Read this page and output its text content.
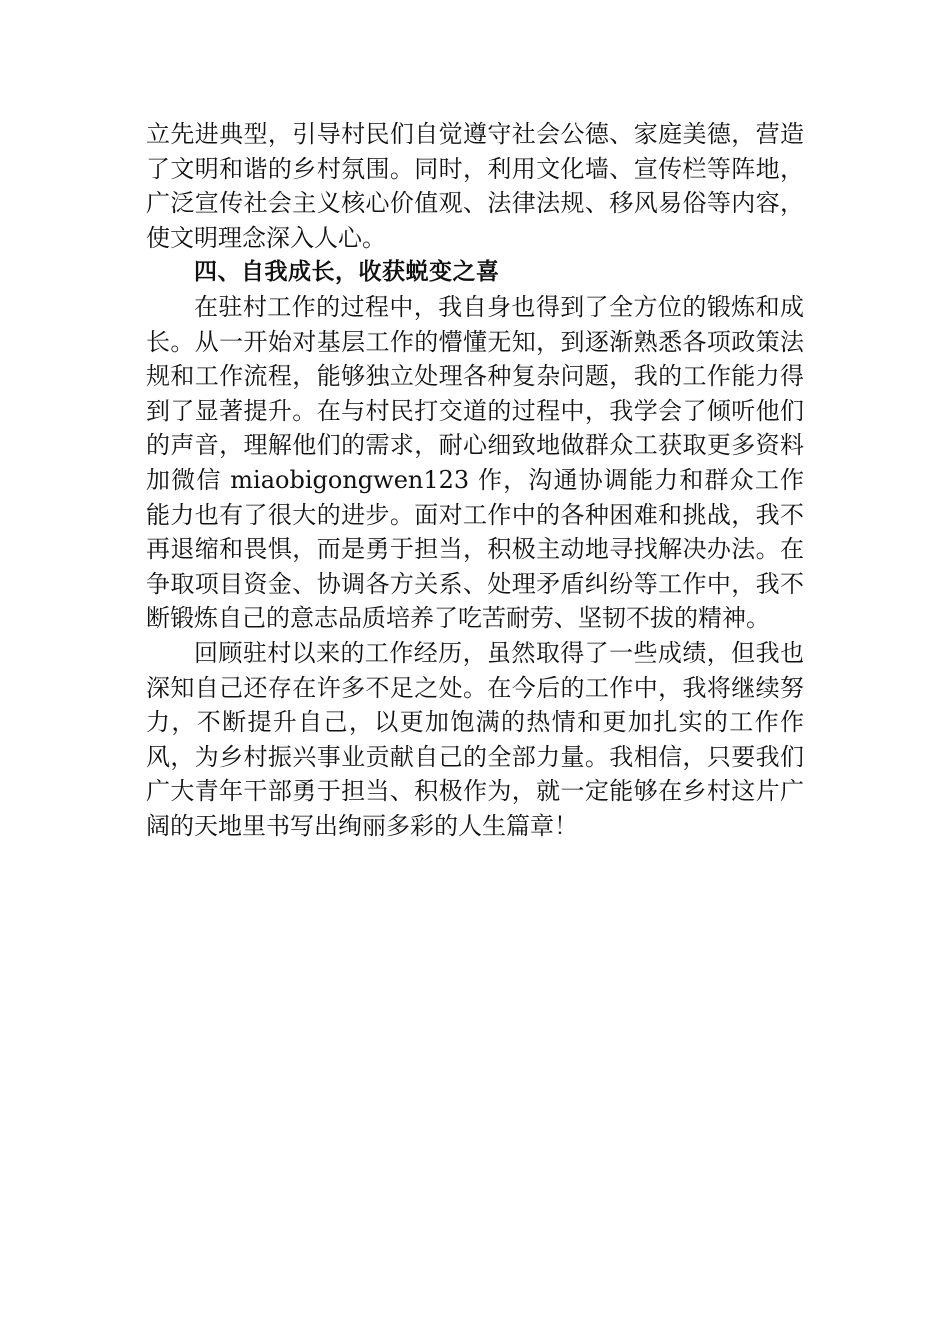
立先进典型，引导村民们自觉遵守社会公德、家庭美德，营造了文明和谐的乡村氛围。同时，利用文化墙、宣传栏等阵地，广泛宣传社会主义核心价值观、法律法规、移风易俗等内容，使文明理念深入人心。

四、自我成长，收获蜕变之喜

在驻村工作的过程中，我自身也得到了全方位的锻炼和成长。从一开始对基层工作的懵懂无知，到逐渐熟悉各项政策法规和工作流程，能够独立处理各种复杂问题，我的工作能力得到了显著提升。在与村民打交道的过程中，我学会了倾听他们的声音，理解他们的需求，耐心细致地做群众工获取更多资料加微信 miaobigongwen123 作，沟通协调能力和群众工作能力也有了很大的进步。面对工作中的各种困难和挑战，我不再退缩和畏惧，而是勇于担当，积极主动地寻找解决办法。在争取项目资金、协调各方关系、处理矛盾纠纷等工作中，我不断锻炼自己的意志品质培养了吃苦耐劳、坚韧不拔的精神。

回顾驻村以来的工作经历，虽然取得了一些成绩，但我也深知自己还存在许多不足之处。在今后的工作中，我将继续努力，不断提升自己，以更加饱满的热情和更加扎实的工作作风，为乡村振兴事业贡献自己的全部力量。我相信，只要我们广大青年干部勇于担当、积极作为，就一定能够在乡村这片广阔的天地里书写出绚丽多彩的人生篇章！
